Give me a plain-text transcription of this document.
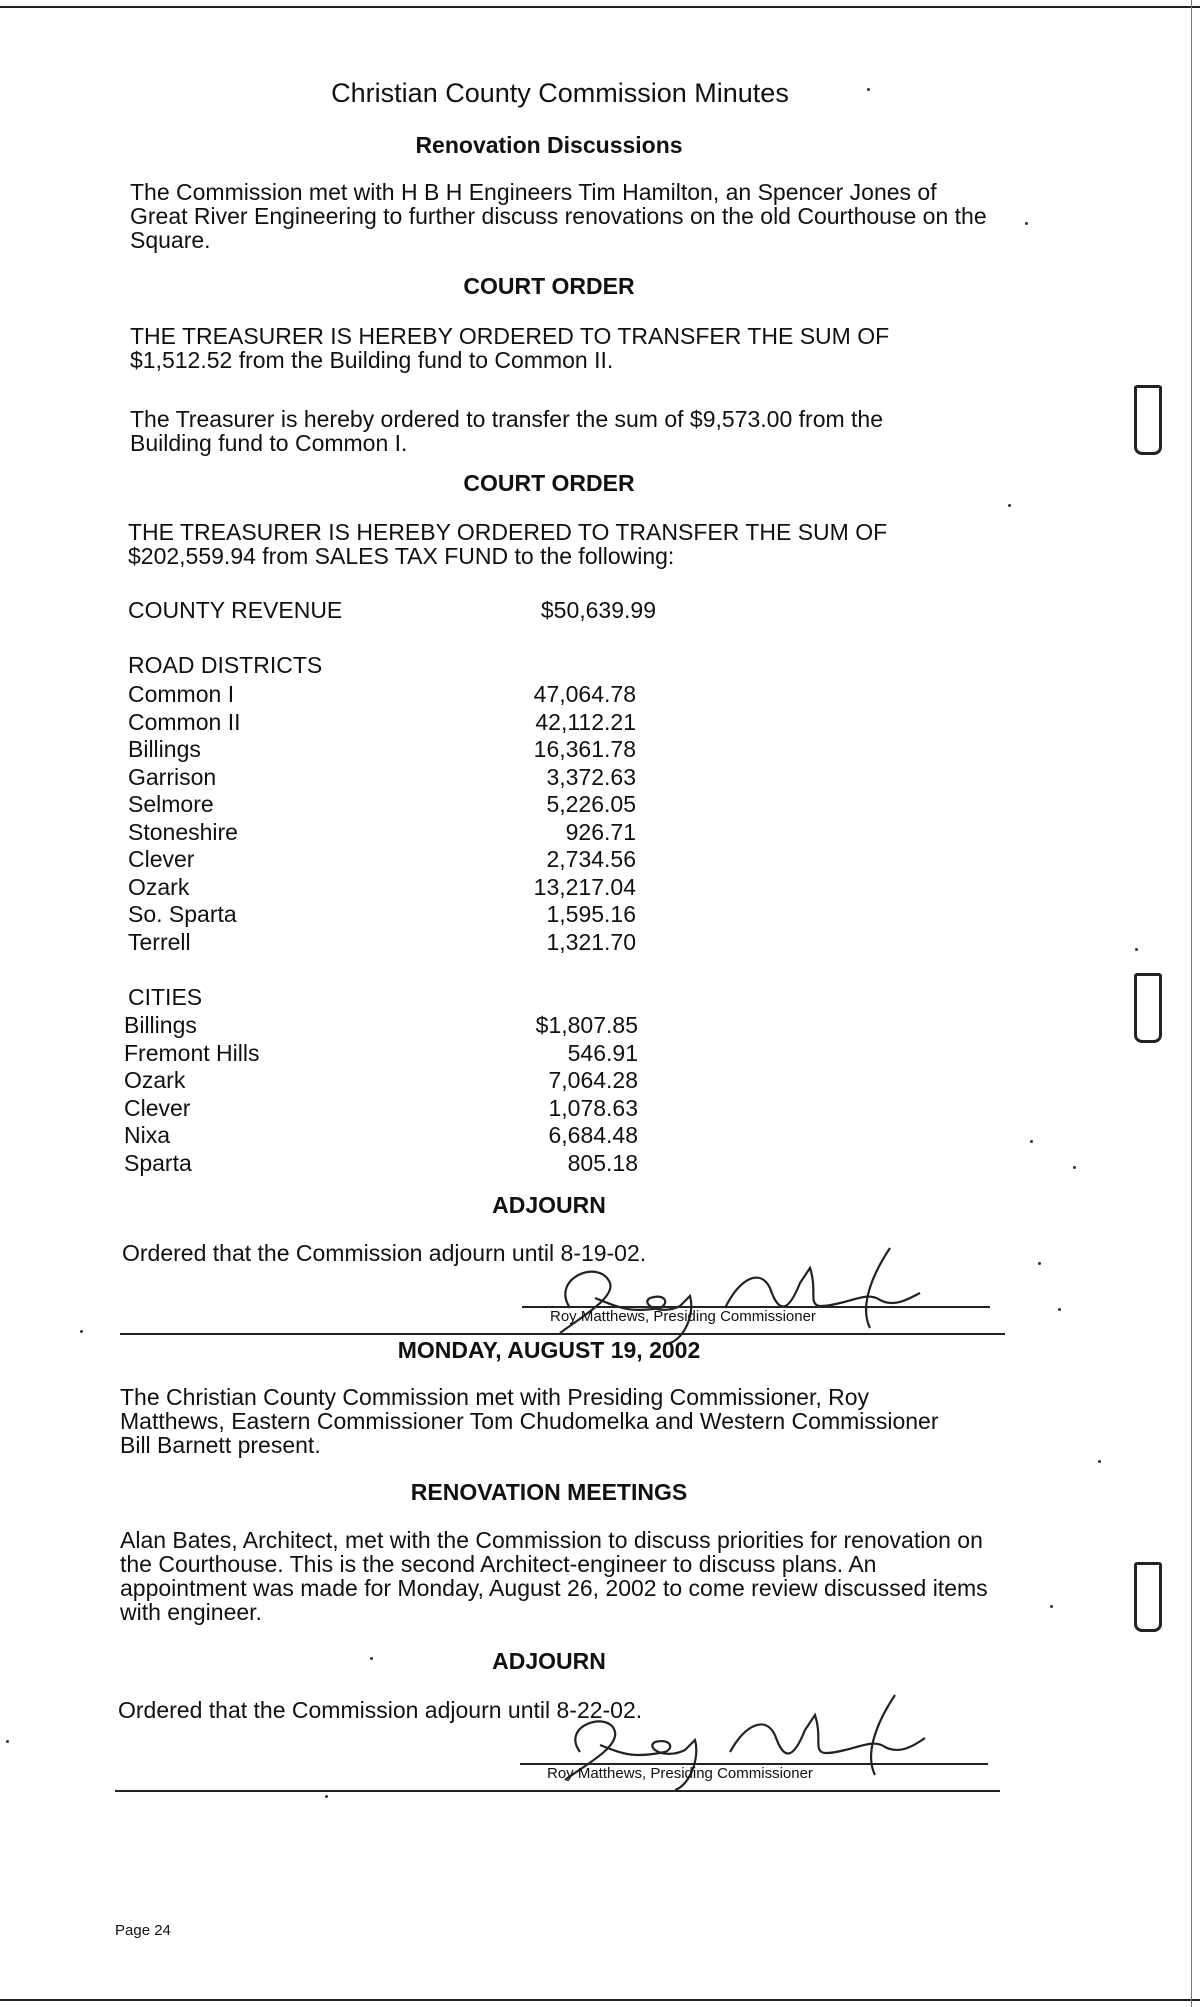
Christian County Commission Minutes
Renovation Discussions
The Commission met with H B H Engineers Tim Hamilton, an Spencer Jones of Great River Engineering to further discuss renovations on the old Courthouse on the Square.
COURT ORDER
THE TREASURER IS HEREBY ORDERED TO TRANSFER THE SUM OF $1,512.52 from the Building fund to Common II.
The Treasurer is hereby ordered to transfer the sum of $9,573.00 from the Building fund to Common I.
COURT ORDER
THE TREASURER IS HEREBY ORDERED TO TRANSFER THE SUM OF $202,559.94 from SALES TAX FUND to the following:
COUNTY REVENUE	$50,639.99
ROAD DISTRICTS
Common I	47,064.78
Common II	42,112.21
Billings	16,361.78
Garrison	3,372.63
Selmore	5,226.05
Stoneshire	926.71
Clever	2,734.56
Ozark	13,217.04
So. Sparta	1,595.16
Terrell	1,321.70
CITIES
Billings	$1,807.85
Fremont Hills	546.91
Ozark	7,064.28
Clever	1,078.63
Nixa	6,684.48
Sparta	805.18
ADJOURN
Ordered that the Commission adjourn until 8-19-02.
Roy Matthews, Presiding Commissioner
MONDAY, AUGUST 19, 2002
The Christian County Commission met with Presiding Commissioner, Roy Matthews, Eastern Commissioner Tom Chudomelka and Western Commissioner Bill Barnett present.
RENOVATION MEETINGS
Alan Bates, Architect, met with the Commission to discuss priorities for renovation on the Courthouse. This is the second Architect-engineer to discuss plans. An appointment was made for Monday, August 26, 2002 to come review discussed items with engineer.
ADJOURN
Ordered that the Commission adjourn until 8-22-02.
Roy Matthews, Presiding Commissioner
Page 24
